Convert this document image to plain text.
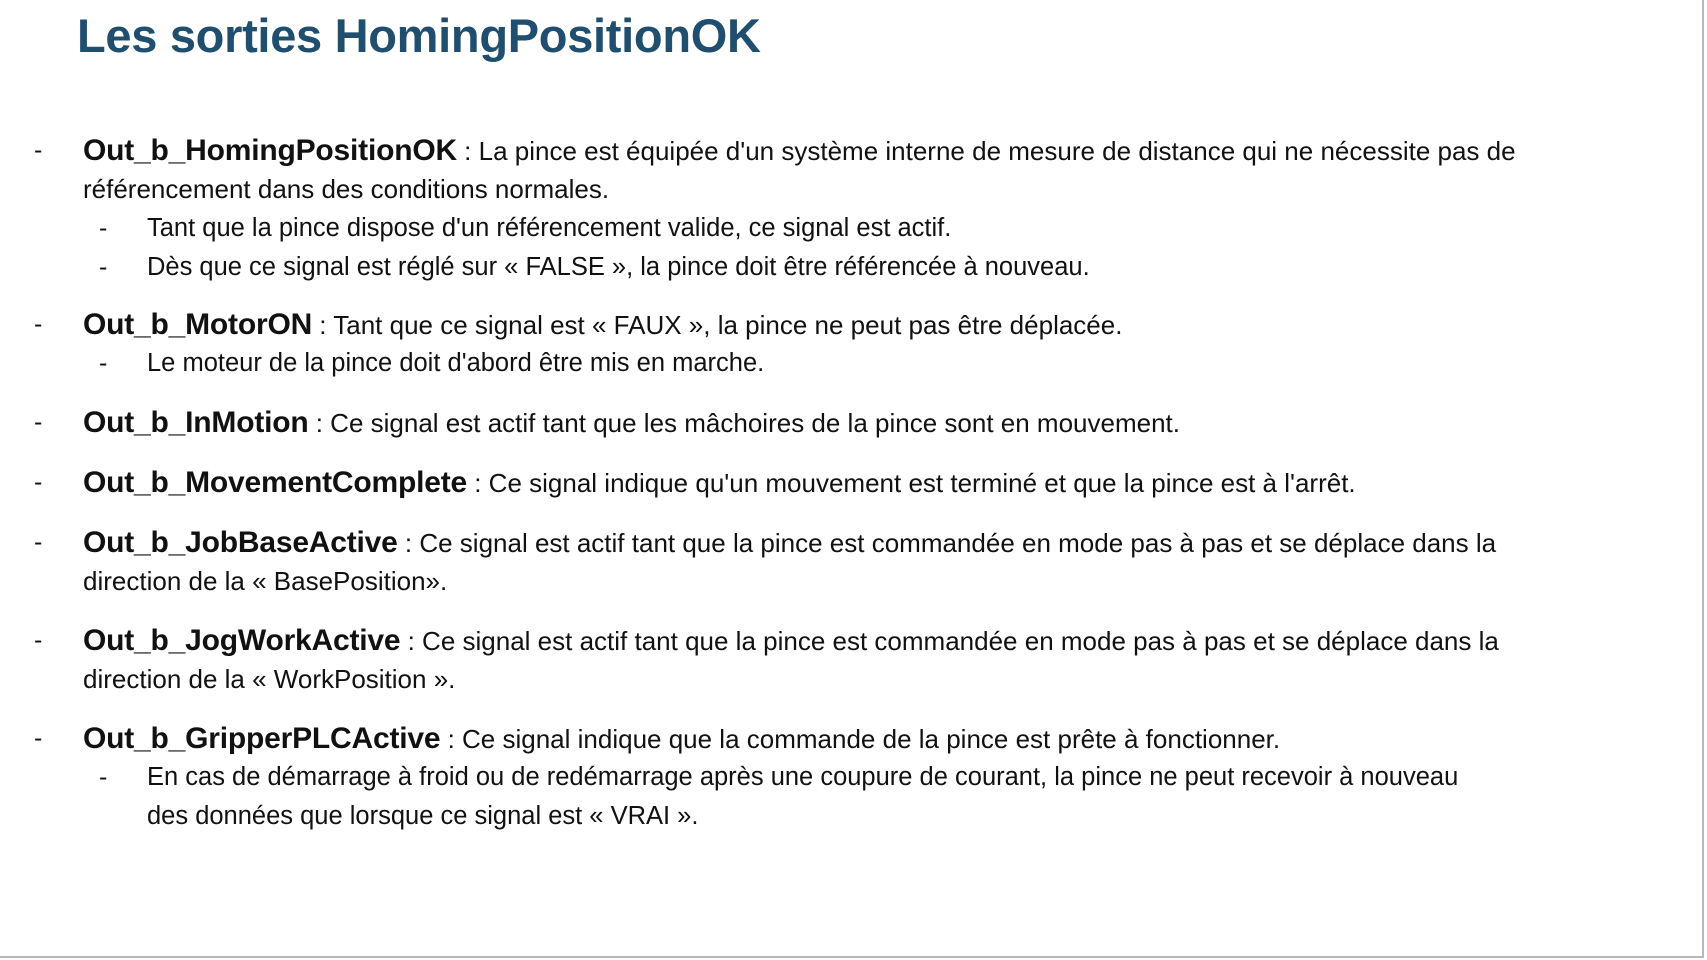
Les sorties HomingPositionOK
- Out_b_HomingPositionOK : La pince est équipée d'un système interne de mesure de distance qui ne nécessite pas de
référencement dans des conditions normales.
- Tant que la pince dispose d'un référencement valide, ce signal est actif.
- Dès que ce signal est réglé sur « FALSE », la pince doit être référencée à nouveau.
- Out_b_MotorON : Tant que ce signal est « FAUX », la pince ne peut pas être déplacée.
- Le moteur de la pince doit d'abord être mis en marche.
- Out_b_InMotion : Ce signal est actif tant que les mâchoires de la pince sont en mouvement.
- Out_b_MovementComplete : Ce signal indique qu'un mouvement est terminé et que la pince est à l'arrêt.
- Out_b_JobBaseActive : Ce signal est actif tant que la pince est commandée en mode pas à pas et se déplace dans la
direction de la « BasePosition».
- Out_b_JogWorkActive : Ce signal est actif tant que la pince est commandée en mode pas à pas et se déplace dans la
direction de la « WorkPosition ».
- Out_b_GripperPLCActive : Ce signal indique que la commande de la pince est prête à fonctionner.
- En cas de démarrage à froid ou de redémarrage après une coupure de courant, la pince ne peut recevoir à nouveau
des données que lorsque ce signal est « VRAI ».
